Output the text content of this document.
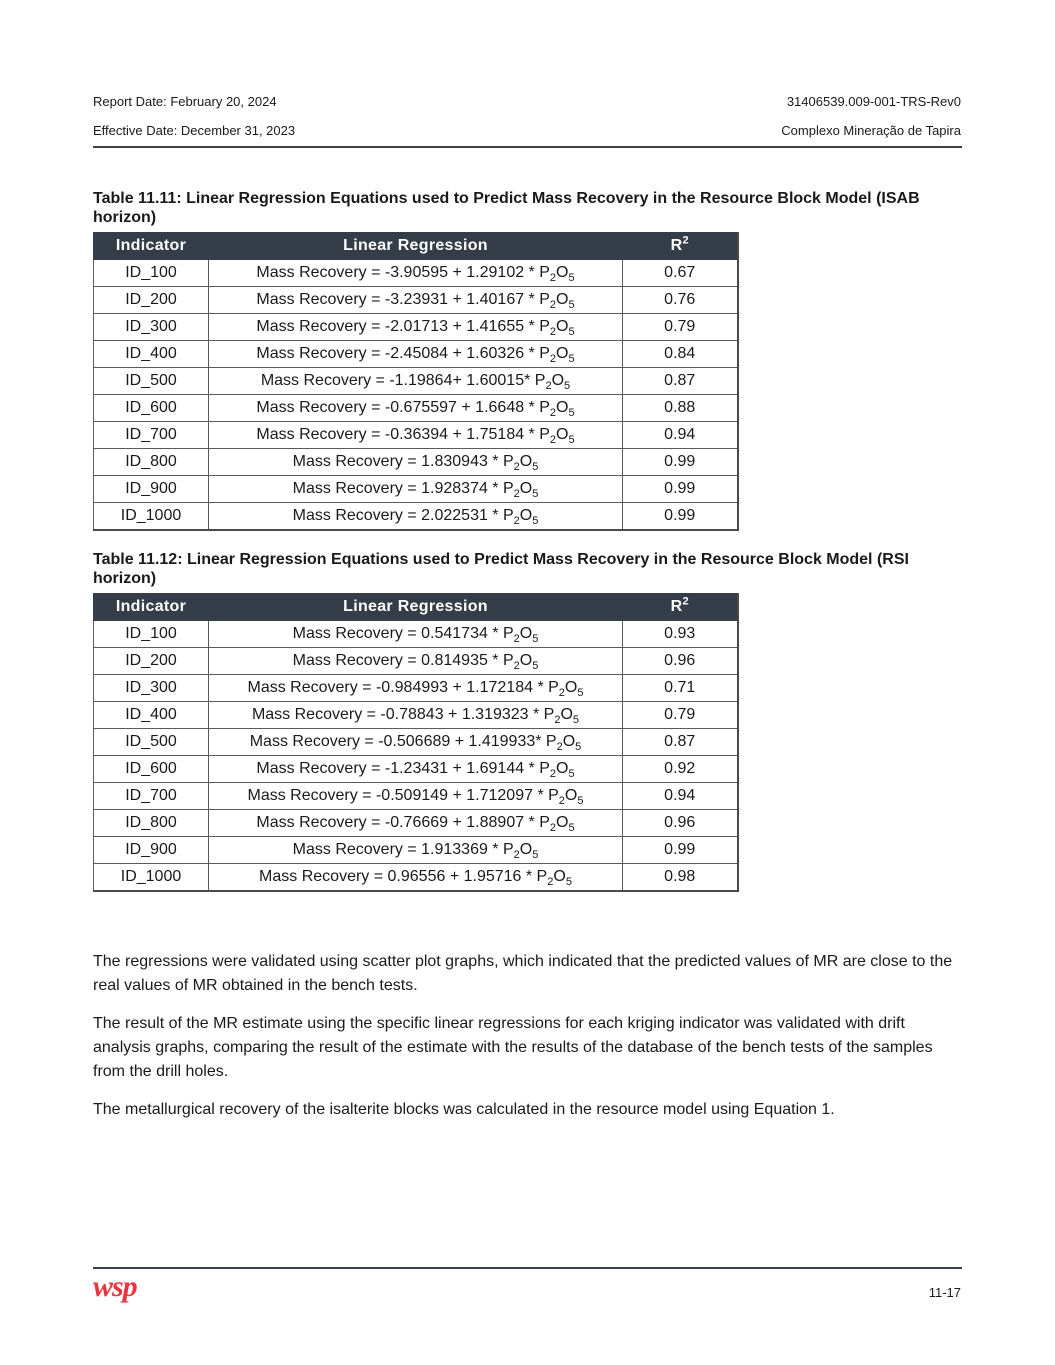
Report Date: February 20, 2024
Effective Date: December 31, 2023
31406539.009-001-TRS-Rev0
Complexo Mineração de Tapira
Table 11.11: Linear Regression Equations used to Predict Mass Recovery in the Resource Block Model (ISAB horizon)
Indicator	Linear Regression	$R^2$
ID_100	Mass Recovery = $-3.90595 + 1.29102 * P_2O_5$	0.67
ID_200	Mass Recovery = $-3.23931 + 1.40167 * P_2O_5$	0.76
ID_300	Mass Recovery = $-2.01713 + 1.41655 * P_2O_5$	0.79
ID_400	Mass Recovery = $-2.45084 + 1.60326 * P_2O_5$	0.84
ID_500	Mass Recovery = -1.19864+ 1.60015* $P_2O_5$	0.87
ID_600	Mass Recovery = $-0.675597 + 1.6648 * P_2O_5$	0.88
ID_700	Mass Recovery = $-0.36394 + 1.75184 * P_2O_5$	0.94
ID_800	Mass Recovery = $1.830943 * P_2O_5$	0.99
ID_900	Mass Recovery = $1.928374 * P_2O_5$	0.99
ID_1000	Mass Recovery = $2.022531 * P_2O_5$	0.99
Table 11.12: Linear Regression Equations used to Predict Mass Recovery in the Resource Block Model (RSI horizon)
Indicator	Linear Regression	$R^2$
ID_100	Mass Recovery = $0.541734 * P_2O_5$	0.93
ID_200	Mass Recovery = $0.814935 * P_2O_5$	0.96
ID_300	Mass Recovery = $-0.984993 + 1.172184 * P_2O_5$	0.71
ID_400	Mass Recovery = $-0.78843 + 1.319323 * P_2O_5$	0.79
ID_500	Mass Recovery = -0.506689 + 1.419933* $P_2O_5$	0.87
ID_600	Mass Recovery = $-1.23431 + 1.69144 * P_2O_5$	0.92
ID_700	Mass Recovery = $-0.509149 + 1.712097 * P_2O_5$	0.94
ID_800	Mass Recovery = $-0.76669 + 1.88907 * P_2O_5$	0.96
ID_900	Mass Recovery = $1.913369 * P_2O_5$	0.99
ID_1000	Mass Recovery = $0.96556 + 1.95716 * P_2O_5$	0.98

The regressions were validated using scatter plot graphs, which indicated that the predicted values of MR are close to the real values of MR obtained in the bench tests.

The result of the MR estimate using the specific linear regressions for each kriging indicator was validated with drift analysis graphs, comparing the result of the estimate with the results of the database of the bench tests of the samples from the drill holes.

The metallurgical recovery of the isalterite blocks was calculated in the resource model using Equation 1.

wsp	11-17
